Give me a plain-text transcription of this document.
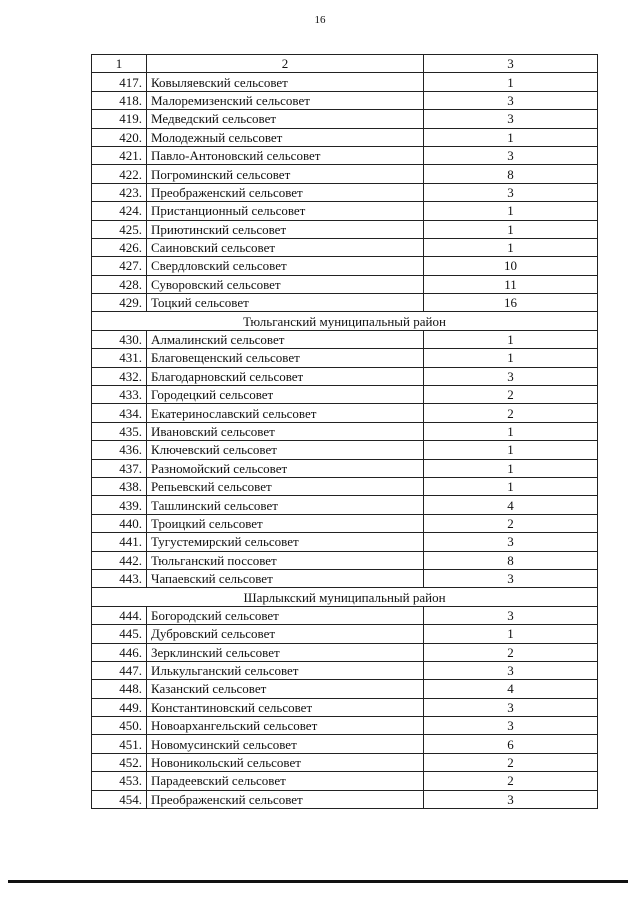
16
1	2	3
417.	Ковыляевский сельсовет	1
418.	Малоремизенский сельсовет	3
419.	Медведский сельсовет	3
420.	Молодежный сельсовет	1
421.	Павло-Антоновский сельсовет	3
422.	Погроминский сельсовет	8
423.	Преображенский сельсовет	3
424.	Пристанционный сельсовет	1
425.	Приютинский сельсовет	1
426.	Саиновский сельсовет	1
427.	Свердловский сельсовет	10
428.	Суворовский сельсовет	11
429.	Тоцкий сельсовет	16
Тюльганский муниципальный район		
430.	Алмалинский сельсовет	1
431.	Благовещенский сельсовет	1
432.	Благодарновский сельсовет	3
433.	Городецкий сельсовет	2
434.	Екатеринославский сельсовет	2
435.	Ивановский сельсовет	1
436.	Ключевский сельсовет	1
437.	Разномойский сельсовет	1
438.	Репьевский сельсовет	1
439.	Ташлинский сельсовет	4
440.	Троицкий сельсовет	2
441.	Тугустемирский сельсовет	3
442.	Тюльганский поссовет	8
443.	Чапаевский сельсовет	3
Шарлыкский муниципальный район		
444.	Богородский сельсовет	3
445.	Дубровский сельсовет	1
446.	Зерклинский сельсовет	2
447.	Илькульганский сельсовет	3
448.	Казанский сельсовет	4
449.	Константиновский сельсовет	3
450.	Новоархангельский сельсовет	3
451.	Новомусинский сельсовет	6
452.	Новоникольский сельсовет	2
453.	Парадеевский сельсовет	2
454.	Преображенский сельсовет	3
